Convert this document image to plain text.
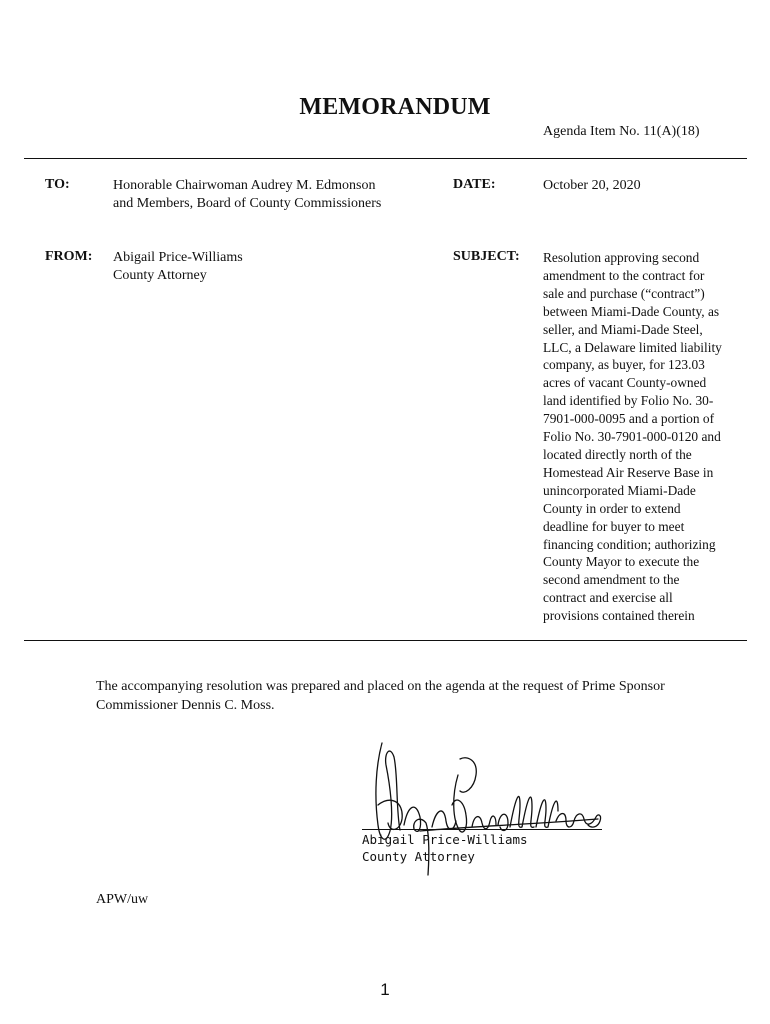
MEMORANDUM
Agenda Item No. 11(A)(18)
TO:	Honorable Chairwoman Audrey M. Edmonson
and Members, Board of County Commissioners
DATE:	October 20, 2020
FROM: Abigail Price-Williams
County Attorney
SUBJECT: Resolution approving second
amendment to the contract for
sale and purchase (“contract”)
between Miami-Dade County, as
seller, and Miami-Dade Steel,
LLC, a Delaware limited liability
company, as buyer, for 123.03
acres of vacant County-owned
land identified by Folio No. 30-
7901-000-0095 and a portion of
Folio No. 30-7901-000-0120 and
located directly north of the
Homestead Air Reserve Base in
unincorporated Miami-Dade
County in order to extend
deadline for buyer to meet
financing condition; authorizing
County Mayor to execute the
second amendment to the
contract and exercise all
provisions contained therein
The accompanying resolution was prepared and placed on the agenda at the request of Prime Sponsor
Commissioner Dennis C. Moss.
Abigail Price-Williams
County Attorney
APW/uw
1
